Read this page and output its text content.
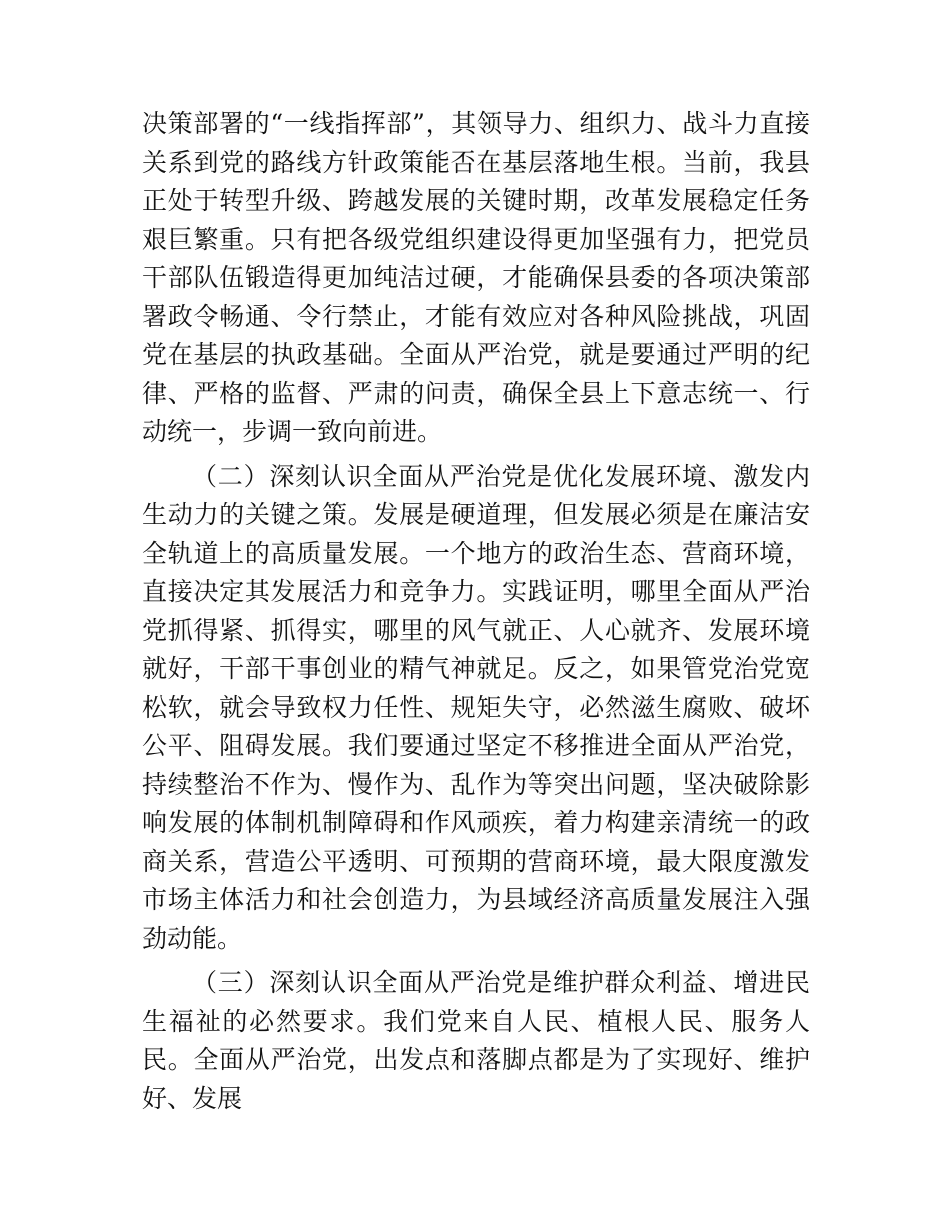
决策部署的“一线指挥部”，其领导力、组织力、战斗力直接关系到党的路线方针政策能否在基层落地生根。当前，我县正处于转型升级、跨越发展的关键时期，改革发展稳定任务艰巨繁重。只有把各级党组织建设得更加坚强有力，把党员干部队伍锻造得更加纯洁过硬，才能确保县委的各项决策部署政令畅通、令行禁止，才能有效应对各种风险挑战，巩固党在基层的执政基础。全面从严治党，就是要通过严明的纪律、严格的监督、严肃的问责，确保全县上下意志统一、行动统一，步调一致向前进。

（二）深刻认识全面从严治党是优化发展环境、激发内生动力的关键之策。发展是硬道理，但发展必须是在廉洁安全轨道上的高质量发展。一个地方的政治生态、营商环境，直接决定其发展活力和竞争力。实践证明，哪里全面从严治党抓得紧、抓得实，哪里的风气就正、人心就齐、发展环境就好，干部干事创业的精气神就足。反之，如果管党治党宽松软，就会导致权力任性、规矩失守，必然滋生腐败、破坏公平、阻碍发展。我们要通过坚定不移推进全面从严治党，持续整治不作为、慢作为、乱作为等突出问题，坚决破除影响发展的体制机制障碍和作风顽疾，着力构建亲清统一的政商关系，营造公平透明、可预期的营商环境，最大限度激发市场主体活力和社会创造力，为县域经济高质量发展注入强劲动能。

（三）深刻认识全面从严治党是维护群众利益、增进民生福祉的必然要求。我们党来自人民、植根人民、服务人民。全面从严治党，出发点和落脚点都是为了实现好、维护好、发展
